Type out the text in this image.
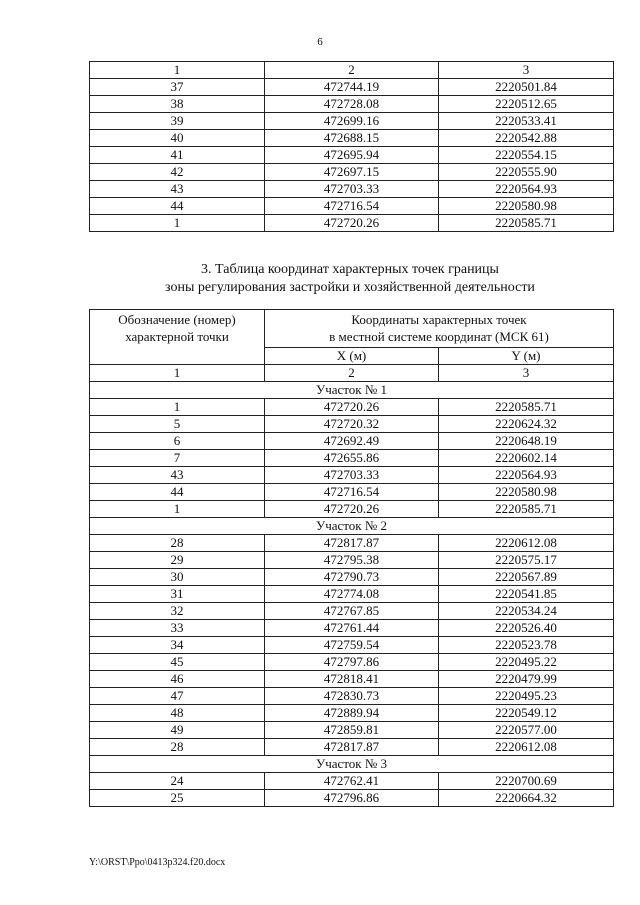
6
1	2	3
37	472744.19	2220501.84
38	472728.08	2220512.65
39	472699.16	2220533.41
40	472688.15	2220542.88
41	472695.94	2220554.15
42	472697.15	2220555.90
43	472703.33	2220564.93
44	472716.54	2220580.98
1	472720.26	2220585.71
3. Таблица координат характерных точек границы
зоны регулирования застройки и хозяйственной деятельности
Обозначение (номер) характерной точки	Координаты характерных точек
в местной системе координат (МСК 61)	

	X (м)	Y (м)
1	2	3
Участок № 1		
1	472720.26	2220585.71
5	472720.32	2220624.32
6	472692.49	2220648.19
7	472655.86	2220602.14
43	472703.33	2220564.93
44	472716.54	2220580.98
1	472720.26	2220585.71
Участок № 2		
28	472817.87	2220612.08
29	472795.38	2220575.17
30	472790.73	2220567.89
31	472774.08	2220541.85
32	472767.85	2220534.24
33	472761.44	2220526.40
34	472759.54	2220523.78
45	472797.86	2220495.22
46	472818.41	2220479.99
47	472830.73	2220495.23
48	472889.94	2220549.12
49	472859.81	2220577.00
28	472817.87	2220612.08
Участок № 3		
24	472762.41	2220700.69
25	472796.86	2220664.32
Y:\ORST\Ppo\0413p324.f20.docx
